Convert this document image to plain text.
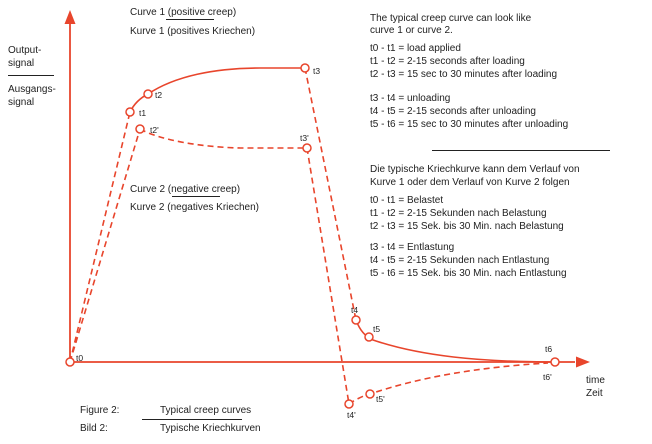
t0
t1
t2
t3
t2'
t3'
t4
t5
t4'
t5'
t6
t6'
Output-
signal
Ausgangs-
signal
time
Zeit
Curve 1 (positive creep)
Kurve 1 (positives Kriechen)
Curve 2 (negative creep)
Kurve 2 (negatives Kriechen)
The typical creep curve can look like
curve 1 or curve 2.
t0 - t1 = load applied
t1 - t2 = 2-15 seconds after loading
t2 - t3 = 15 sec to 30 minutes after loading
t3 - t4 = unloading
t4 - t5 = 2-15 seconds after unloading
t5 - t6 = 15 sec to 30 minutes after unloading
Die typische Kriechkurve kann dem Verlauf von
Kurve 1 oder dem Verlauf von Kurve 2 folgen
t0 - t1 = Belastet
t1 - t2 = 2-15 Sekunden nach Belastung
t2 - t3 = 15 Sek. bis 30 Min. nach Belastung
t3 - t4 = Entlastung
t4 - t5 = 2-15 Sekunden nach Entlastung
t5 - t6 = 15 Sek. bis 30 Min. nach Entlastung
Figure 2:	Typical creep curves
Bild 2:	Typische Kriechkurven
